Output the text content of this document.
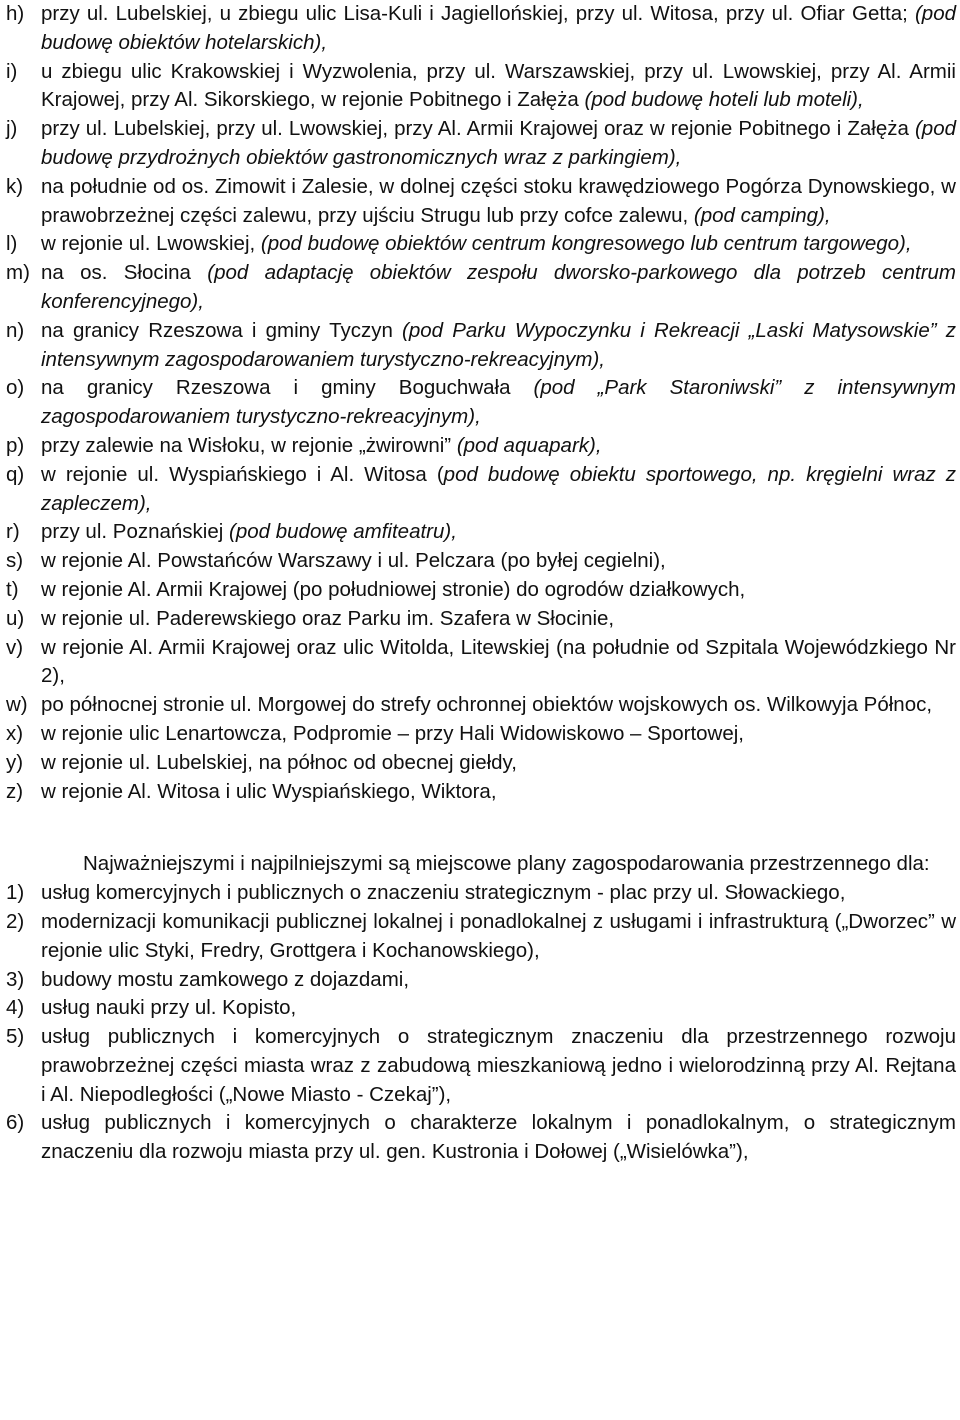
h) przy ul. Lubelskiej, u zbiegu ulic Lisa-Kuli i Jagiellońskiej, przy ul. Witosa, przy ul. Ofiar Getta; (pod budowę obiektów hotelarskich),
i)	u zbiegu ulic Krakowskiej i Wyzwolenia, przy ul. Warszawskiej, przy ul. Lwowskiej, przy Al. Armii Krajowej, przy Al. Sikorskiego, w rejonie Pobitnego i Załęża (pod budowę hoteli lub moteli),
j)	przy ul. Lubelskiej, przy ul. Lwowskiej, przy Al. Armii Krajowej oraz w rejonie Pobitnego i Załęża (pod budowę przydrożnych obiektów gastronomicznych wraz z parkingiem),
k) na południe od os. Zimowit i Zalesie, w dolnej części stoku krawędziowego Pogórza Dynowskiego, w prawobrzeżnej części zalewu, przy ujściu Strugu lub przy cofce zalewu, (pod camping),
l)	w rejonie ul. Lwowskiej, (pod budowę obiektów centrum kongresowego lub centrum targowego),
m) na os. Słocina (pod adaptację obiektów zespołu dworsko-parkowego dla potrzeb centrum konferencyjnego),
n) na granicy Rzeszowa i gminy Tyczyn (pod Parku Wypoczynku i Rekreacji „Laski Matysowskie” z intensywnym zagospodarowaniem turystyczno-rekreacyjnym),
o) na granicy Rzeszowa i gminy Boguchwała (pod „Park Staroniwski” z intensywnym zagospodarowaniem turystyczno-rekreacyjnym),
p) przy zalewie na Wisłoku, w rejonie „żwirowni” (pod aquapark),
q) w rejonie ul. Wyspiańskiego i Al. Witosa (pod budowę obiektu sportowego, np. kręgielni wraz z zapleczem),
r)	przy ul. Poznańskiej (pod budowę amfiteatru),
s) w rejonie Al. Powstańców Warszawy i ul. Pelczara (po byłej cegielni),
t)	w rejonie Al. Armii Krajowej (po południowej stronie) do ogrodów działkowych,
u) w rejonie ul. Paderewskiego oraz Parku im. Szafera w Słocinie,
v) w rejonie Al. Armii Krajowej oraz ulic Witolda, Litewskiej (na południe od Szpitala Wojewódzkiego Nr 2),
w) po północnej stronie ul. Morgowej do strefy ochronnej obiektów wojskowych os. Wilkowyja Północ,
x) w rejonie ulic Lenartowcza, Podpromie – przy Hali Widowiskowo – Sportowej,
y) w rejonie ul. Lubelskiej, na północ od obecnej giełdy,
z) w rejonie Al. Witosa i ulic Wyspiańskiego, Wiktora,

Najważniejszymi i najpilniejszymi są miejscowe plany zagospodarowania przestrzennego dla:

1) usług komercyjnych i publicznych o znaczeniu strategicznym - plac przy ul. Słowackiego,
2) modernizacji komunikacji publicznej lokalnej i ponadlokalnej z usługami i infrastrukturą („Dworzec” w rejonie ulic Styki, Fredry, Grottgera i Kochanowskiego),
3) budowy mostu zamkowego z dojazdami,
4) usług nauki przy ul. Kopisto,
5) usług publicznych i komercyjnych o strategicznym znaczeniu dla przestrzennego rozwoju prawobrzeżnej części miasta wraz z zabudową mieszkaniową jedno i wielorodzinną przy Al. Rejtana i Al. Niepodległości („Nowe Miasto - Czekaj”),
6) usług publicznych i komercyjnych o charakterze lokalnym i ponadlokalnym, o strategicznym znaczeniu dla rozwoju miasta przy ul. gen. Kustronia i Dołowej („Wisielówka”),
